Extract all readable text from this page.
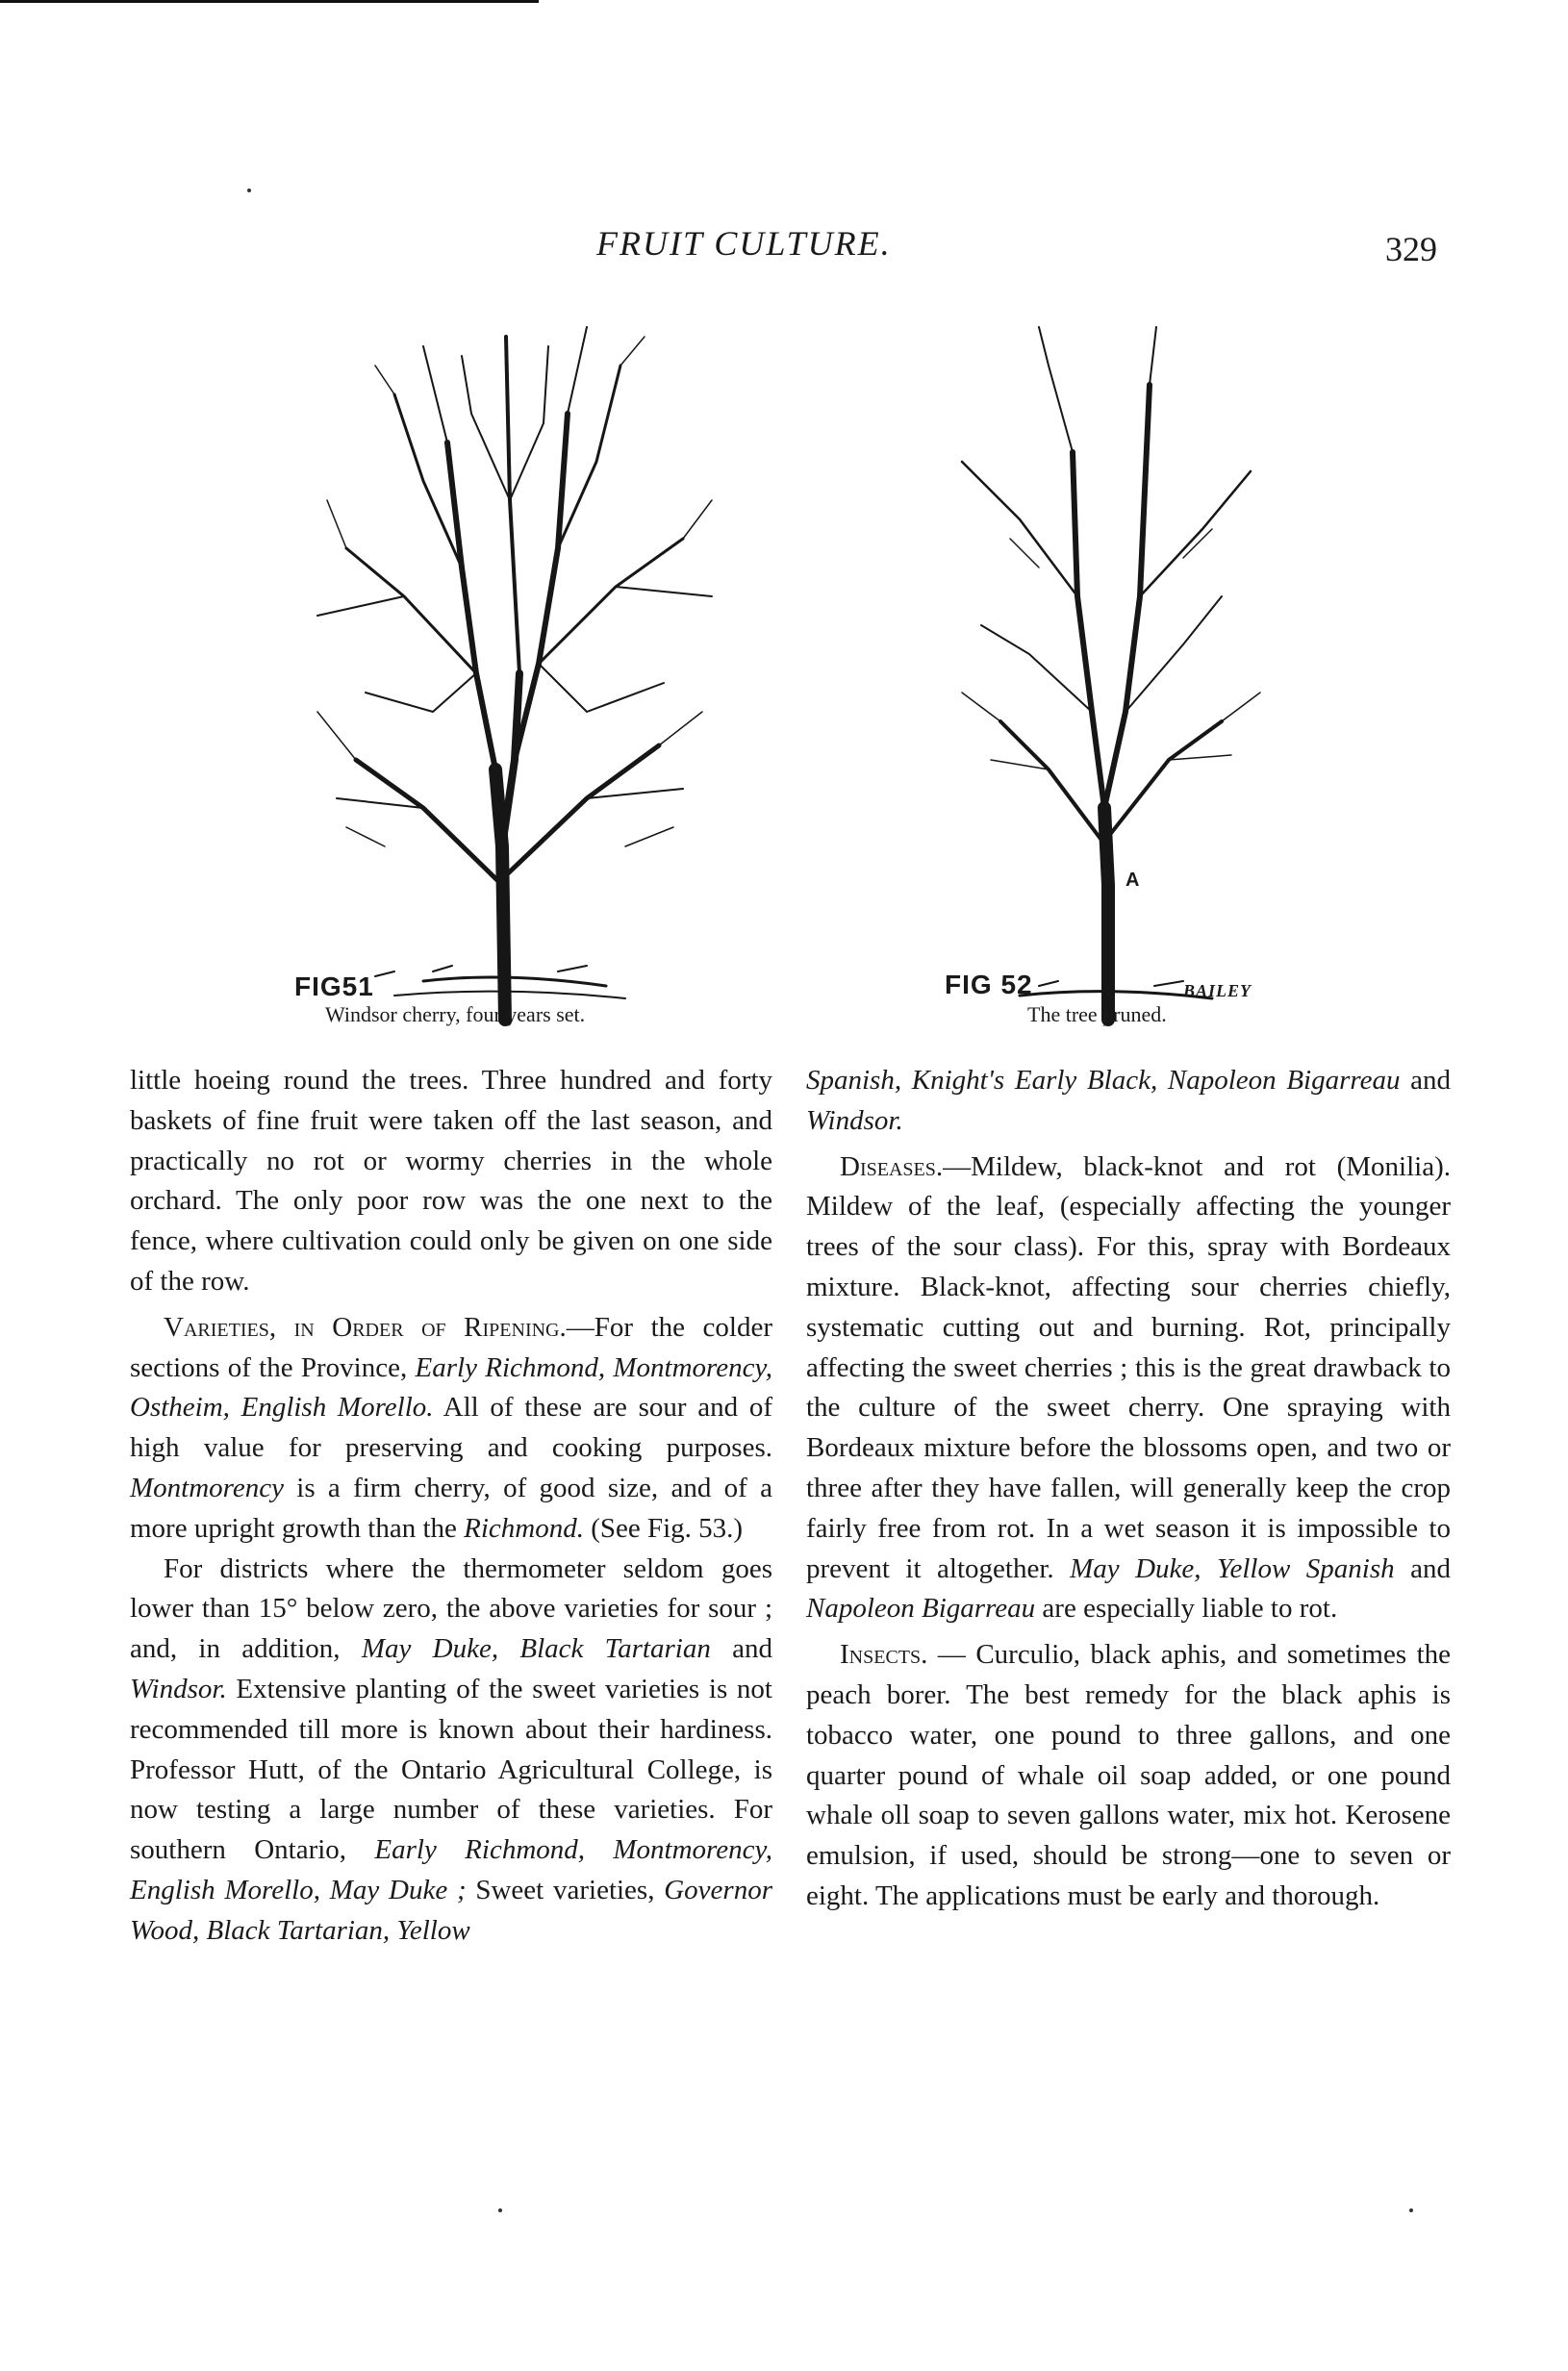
FRUIT CULTURE.	329
FIG51
Windsor cherry, four years set.
A
FIG 52	BAILEY
The tree pruned.

little hoeing round the trees. Three hundred and forty baskets of fine fruit were taken off the last season, and practically no rot or wormy cherries in the whole orchard. The only poor row was the one next to the fence, where cultivation could only be given on one side of the row.

Varieties, in Order of Ripening.—For the colder sections of the Province, Early Richmond, Montmorency, Ostheim, English Morello. All of these are sour and of high value for preserving and cooking purposes. Montmorency is a firm cherry, of good size, and of a more upright growth than the Richmond. (See Fig. 53.)

For districts where the thermometer seldom goes lower than 15° below zero, the above varieties for sour ; and, in addition, May Duke, Black Tartarian and Windsor. Extensive planting of the sweet varieties is not recommended till more is known about their hardiness. Professor Hutt, of the Ontario Agricultural College, is now testing a large number of these varieties. For southern Ontario, Early Richmond, Montmorency, English Morello, May Duke ; Sweet varieties, Governor Wood, Black Tartarian, Yellow

Spanish, Knight's Early Black, Napoleon Bigarreau and Windsor.

Diseases.—Mildew, black-knot and rot (Monilia). Mildew of the leaf, (especially affecting the younger trees of the sour class). For this, spray with Bordeaux mixture. Black-knot, affecting sour cherries chiefly, systematic cutting out and burning. Rot, principally affecting the sweet cherries ; this is the great drawback to the culture of the sweet cherry. One spraying with Bordeaux mixture before the blossoms open, and two or three after they have fallen, will generally keep the crop fairly free from rot. In a wet season it is impossible to prevent it altogether. May Duke, Yellow Spanish and Napoleon Bigarreau are especially liable to rot.

Insects. — Curculio, black aphis, and sometimes the peach borer. The best remedy for the black aphis is tobacco water, one pound to three gallons, and one quarter pound of whale oil soap added, or one pound whale oll soap to seven gallons water, mix hot. Kerosene emulsion, if used, should be strong—one to seven or eight. The applications must be early and thorough.
